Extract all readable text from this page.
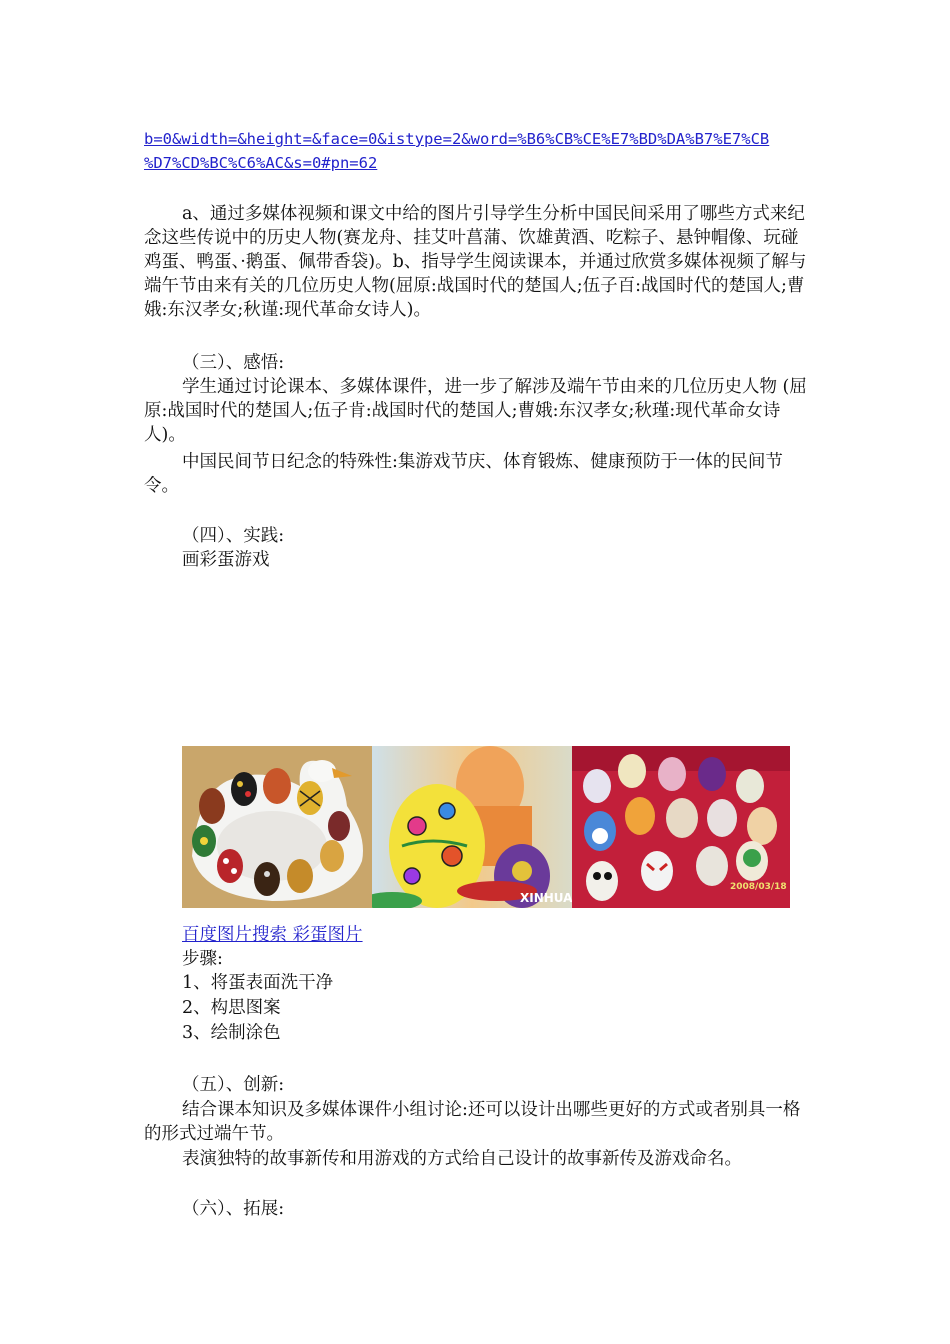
b=0&width=&height=&face=0&istype=2&word=%B6%CB%CE%E7%BD%DA%B7%E7%CB
%D7%CD%BC%C6%AC&s=0#pn=62

a、通过多媒体视频和课文中给的图片引导学生分析中国民间采用了哪些方式来纪念这些传说中的历史人物(赛龙舟、挂艾叶菖蒲、饮雄黄酒、吃粽子、悬钟帽像、玩碰鸡蛋、鸭蛋、·鹅蛋、佩带香袋)。b、指导学生阅读课本，并通过欣赏多媒体视频了解与端午节由来有关的几位历史人物(屈原:战国时代的楚国人;伍子百:战国时代的楚国人;曹娥:东汉孝女;秋谨:现代革命女诗人)。

（三）、感悟:

学生通过讨论课本、多媒体课件，进一步了解涉及端午节由来的几位历史人物 (屈原:战国时代的楚国人;伍子肯:战国时代的楚国人;曹娥:东汉孝女;秋瑾:现代革命女诗人)。

中国民间节日纪念的特殊性:集游戏节庆、体育锻炼、健康预防于一体的民间节令。

（四）、实践:

画彩蛋游戏

XINHUA
2008/03/18

百度图片搜索 彩蛋图片

步骤:

1、将蛋表面洗干净

2、构思图案

3、绘制涂色

（五）、创新:

结合课本知识及多媒体课件小组讨论:还可以设计出哪些更好的方式或者别具一格的形式过端午节。

表演独特的故事新传和用游戏的方式给自己设计的故事新传及游戏命名。

（六）、拓展:
